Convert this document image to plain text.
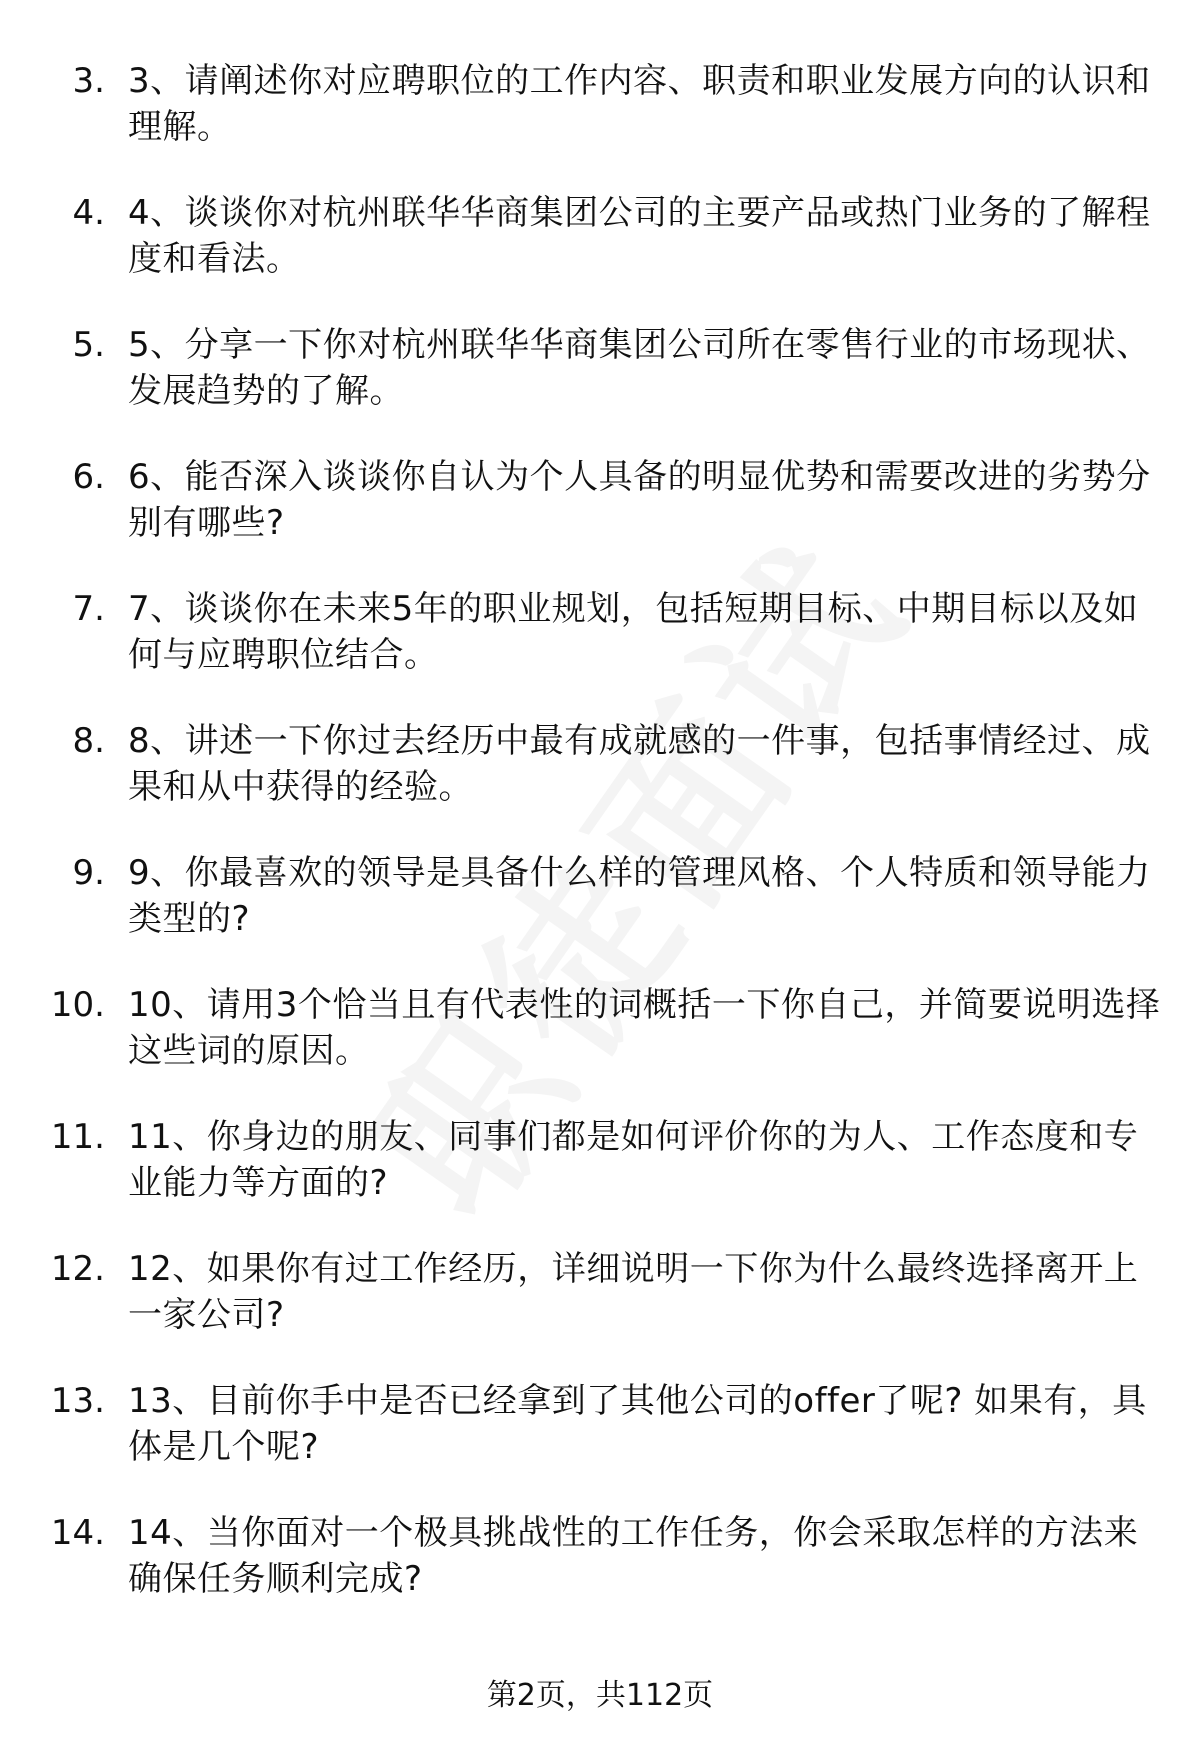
3. 3、请阐述你对应聘职位的工作内容、职责和职业发展方向的认识和理解。
4. 4、谈谈你对杭州联华华商集团公司的主要产品或热门业务的了解程度和看法。
5. 5、分享一下你对杭州联华华商集团公司所在零售行业的市场现状、发展趋势的了解。
6. 6、能否深入谈谈你自认为个人具备的明显优势和需要改进的劣势分别有哪些?
7. 7、谈谈你在未来5年的职业规划，包括短期目标、中期目标以及如何与应聘职位结合。
8. 8、讲述一下你过去经历中最有成就感的一件事，包括事情经过、成果和从中获得的经验。
9. 9、你最喜欢的领导是具备什么样的管理风格、个人特质和领导能力类型的?
10. 10、请用3个恰当且有代表性的词概括一下你自己，并简要说明选择这些词的原因。
11. 11、你身边的朋友、同事们都是如何评价你的为人、工作态度和专业能力等方面的?
12. 12、如果你有过工作经历，详细说明一下你为什么最终选择离开上一家公司?
13. 13、目前你手中是否已经拿到了其他公司的offer了呢? 如果有，具体是几个呢?
14. 14、当你面对一个极具挑战性的工作任务，你会采取怎样的方法来确保任务顺利完成?
第2页，共112页
